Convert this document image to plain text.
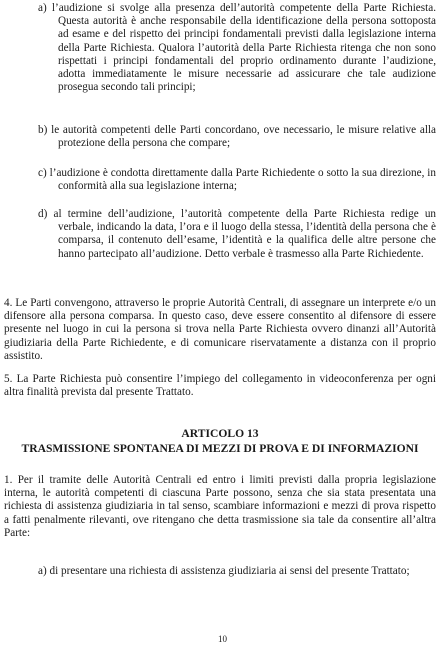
a) l’audizione si svolge alla presenza dell’autorità competente della Parte Richiesta. Questa autorità è anche responsabile della identificazione della persona sottoposta ad esame e del rispetto dei principi fondamentali previsti dalla legislazione interna della Parte Richiesta. Qualora l’autorità della Parte Richiesta ritenga che non sono rispettati i principi fondamentali del proprio ordinamento durante l’audizione, adotta immediatamente le misure necessarie ad assicurare che tale audizione prosegua secondo tali principi;

b) le autorità competenti delle Parti concordano, ove necessario, le misure relative alla protezione della persona che compare;

c) l’audizione è condotta direttamente dalla Parte Richiedente o sotto la sua direzione, in conformità alla sua legislazione interna;

d) al termine dell’audizione, l’autorità competente della Parte Richiesta redige un verbale, indicando la data, l’ora e il luogo della stessa, l’identità della persona che è comparsa, il contenuto dell’esame, l’identità e la qualifica delle altre persone che hanno partecipato all’audizione. Detto verbale è trasmesso alla Parte Richiedente.

4. Le Parti convengono, attraverso le proprie Autorità Centrali, di assegnare un interprete e/o un difensore alla persona comparsa. In questo caso, deve essere consentito al difensore di essere presente nel luogo in cui la persona si trova nella Parte Richiesta ovvero dinanzi all’Autorità giudiziaria della Parte Richiedente, e di comunicare riservatamente a distanza con il proprio assistito.

5. La Parte Richiesta può consentire l’impiego del collegamento in videoconferenza per ogni altra finalità prevista dal presente Trattato.

ARTICOLO 13

TRASMISSIONE SPONTANEA DI MEZZI DI PROVA E DI INFORMAZIONI

1. Per il tramite delle Autorità Centrali ed entro i limiti previsti dalla propria legislazione interna, le autorità competenti di ciascuna Parte possono, senza che sia stata presentata una richiesta di assistenza giudiziaria in tal senso, scambiare informazioni e mezzi di prova rispetto a fatti penalmente rilevanti, ove ritengano che detta trasmissione sia tale da consentire all’altra Parte:

a) di presentare una richiesta di assistenza giudiziaria ai sensi del presente Trattato;

10
